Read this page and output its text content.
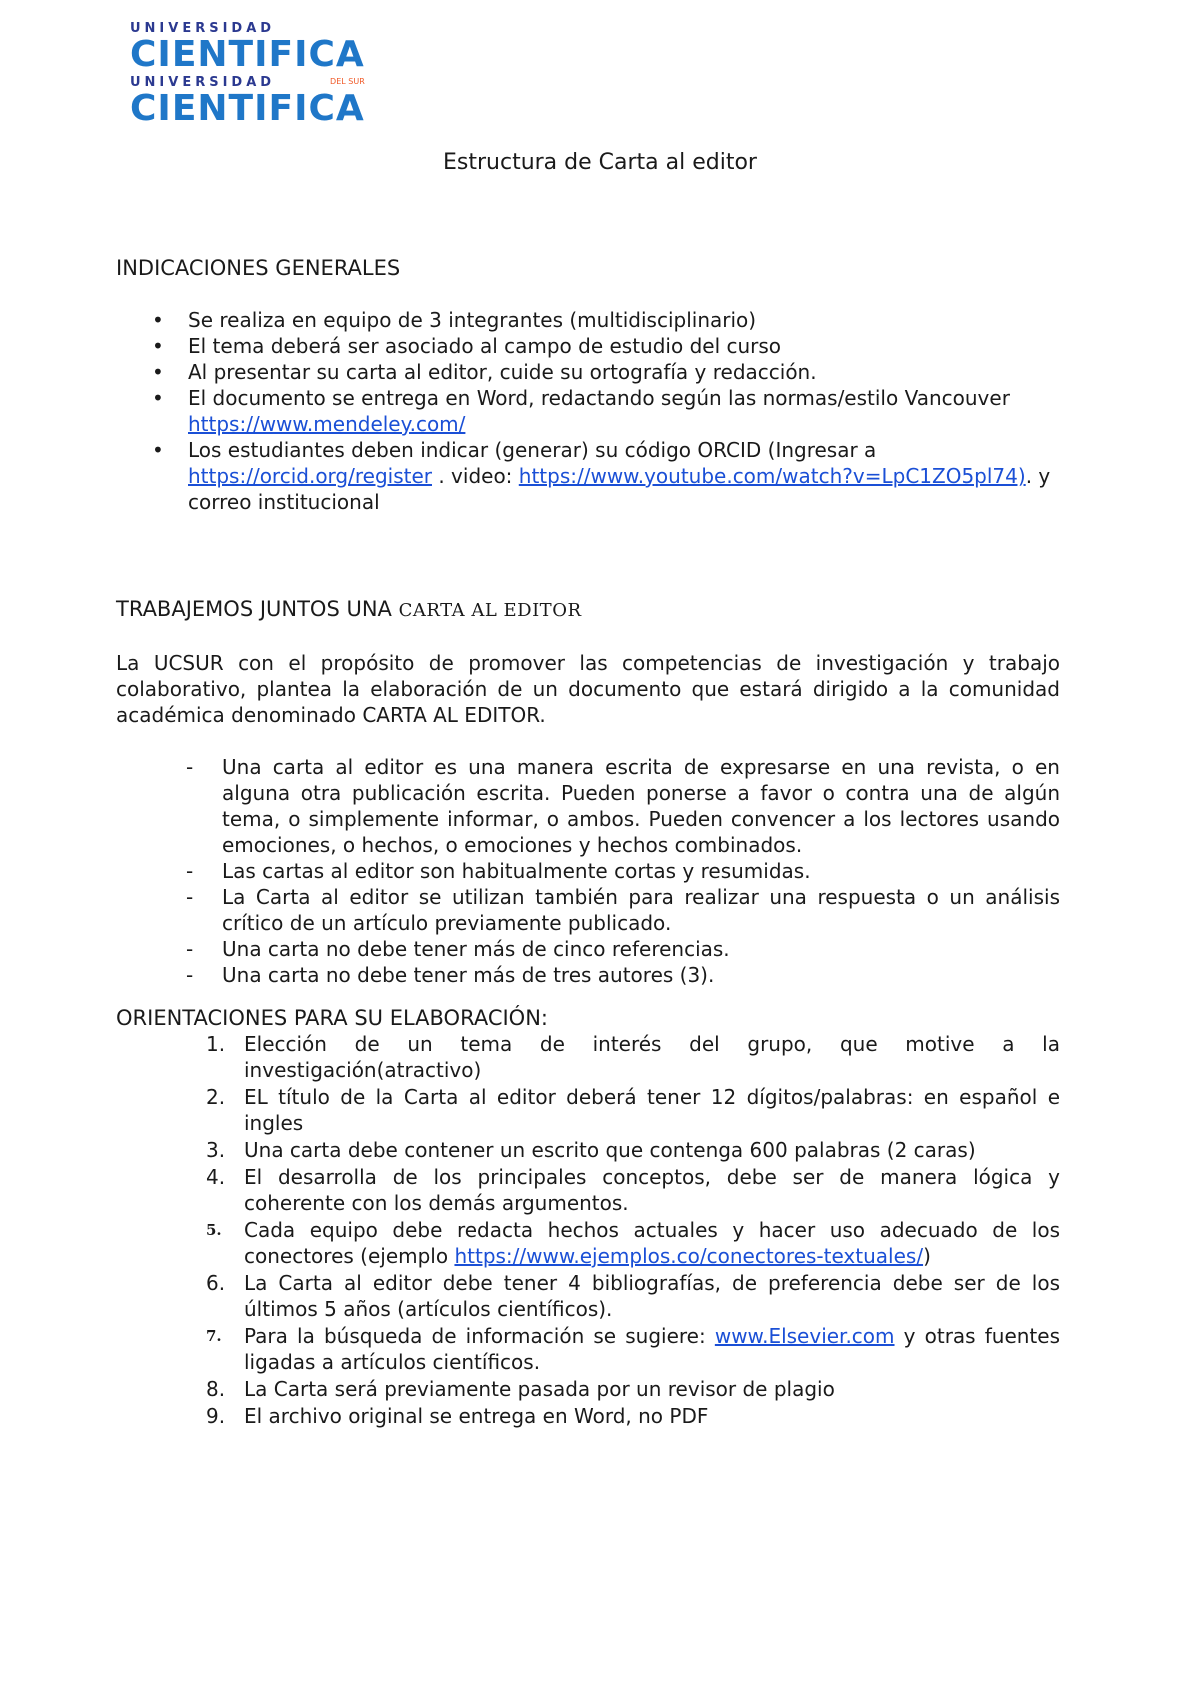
UNIVERSIDAD
CIENTIFICA
DEL SUR
UNIVERSIDAD
CIENTIFICA
Estructura de Carta al editor
INDICACIONES GENERALES
• Se realiza en equipo de 3 integrantes (multidisciplinario)
• El tema deberá ser asociado al campo de estudio del curso
• Al presentar su carta al editor, cuide su ortografía y redacción.
• El documento se entrega en Word, redactando según las normas/estilo Vancouver
https://www.mendeley.com/
• Los estudiantes deben indicar (generar) su código ORCID (Ingresar a https://orcid.org/register . video: https://www.youtube.com/watch?v=LpC1ZO5pl74). y correo institucional
TRABAJEMOS JUNTOS UNA CARTA AL EDITOR

La UCSUR con el propósito de promover las competencias de investigación y trabajo colaborativo, plantea la elaboración de un documento que estará dirigido a la comunidad académica denominado CARTA AL EDITOR.

- Una carta al editor es una manera escrita de expresarse en una revista, o en alguna otra publicación escrita. Pueden ponerse a favor o contra una de algún tema, o simplemente informar, o ambos. Pueden convencer a los lectores usando emociones, o hechos, o emociones y hechos combinados.
- Las cartas al editor son habitualmente cortas y resumidas.
- La Carta al editor se utilizan también para realizar una respuesta o un análisis crítico de un artículo previamente publicado.
- Una carta no debe tener más de cinco referencias.
- Una carta no debe tener más de tres autores (3).
ORIENTACIONES PARA SU ELABORACIÓN:
1. Elección de un tema de interés del grupo, que motive a la investigación(atractivo)
2. EL título de la Carta al editor deberá tener 12 dígitos/palabras: en español e ingles
3. Una carta debe contener un escrito que contenga 600 palabras (2 caras)
4. El desarrolla de los principales conceptos, debe ser de manera lógica y coherente con los demás argumentos.
5.	Cada equipo debe redacta hechos actuales y hacer uso adecuado de los conectores (ejemplo https://www.ejemplos.co/conectores-textuales/)
6. La Carta al editor debe tener 4 bibliografías, de preferencia debe ser de los últimos 5 años (artículos científicos).
7.	Para la búsqueda de información se sugiere: www.Elsevier.com y otras fuentes ligadas a artículos científicos.
8. La Carta será previamente pasada por un revisor de plagio
9. El archivo original se entrega en Word, no PDF
